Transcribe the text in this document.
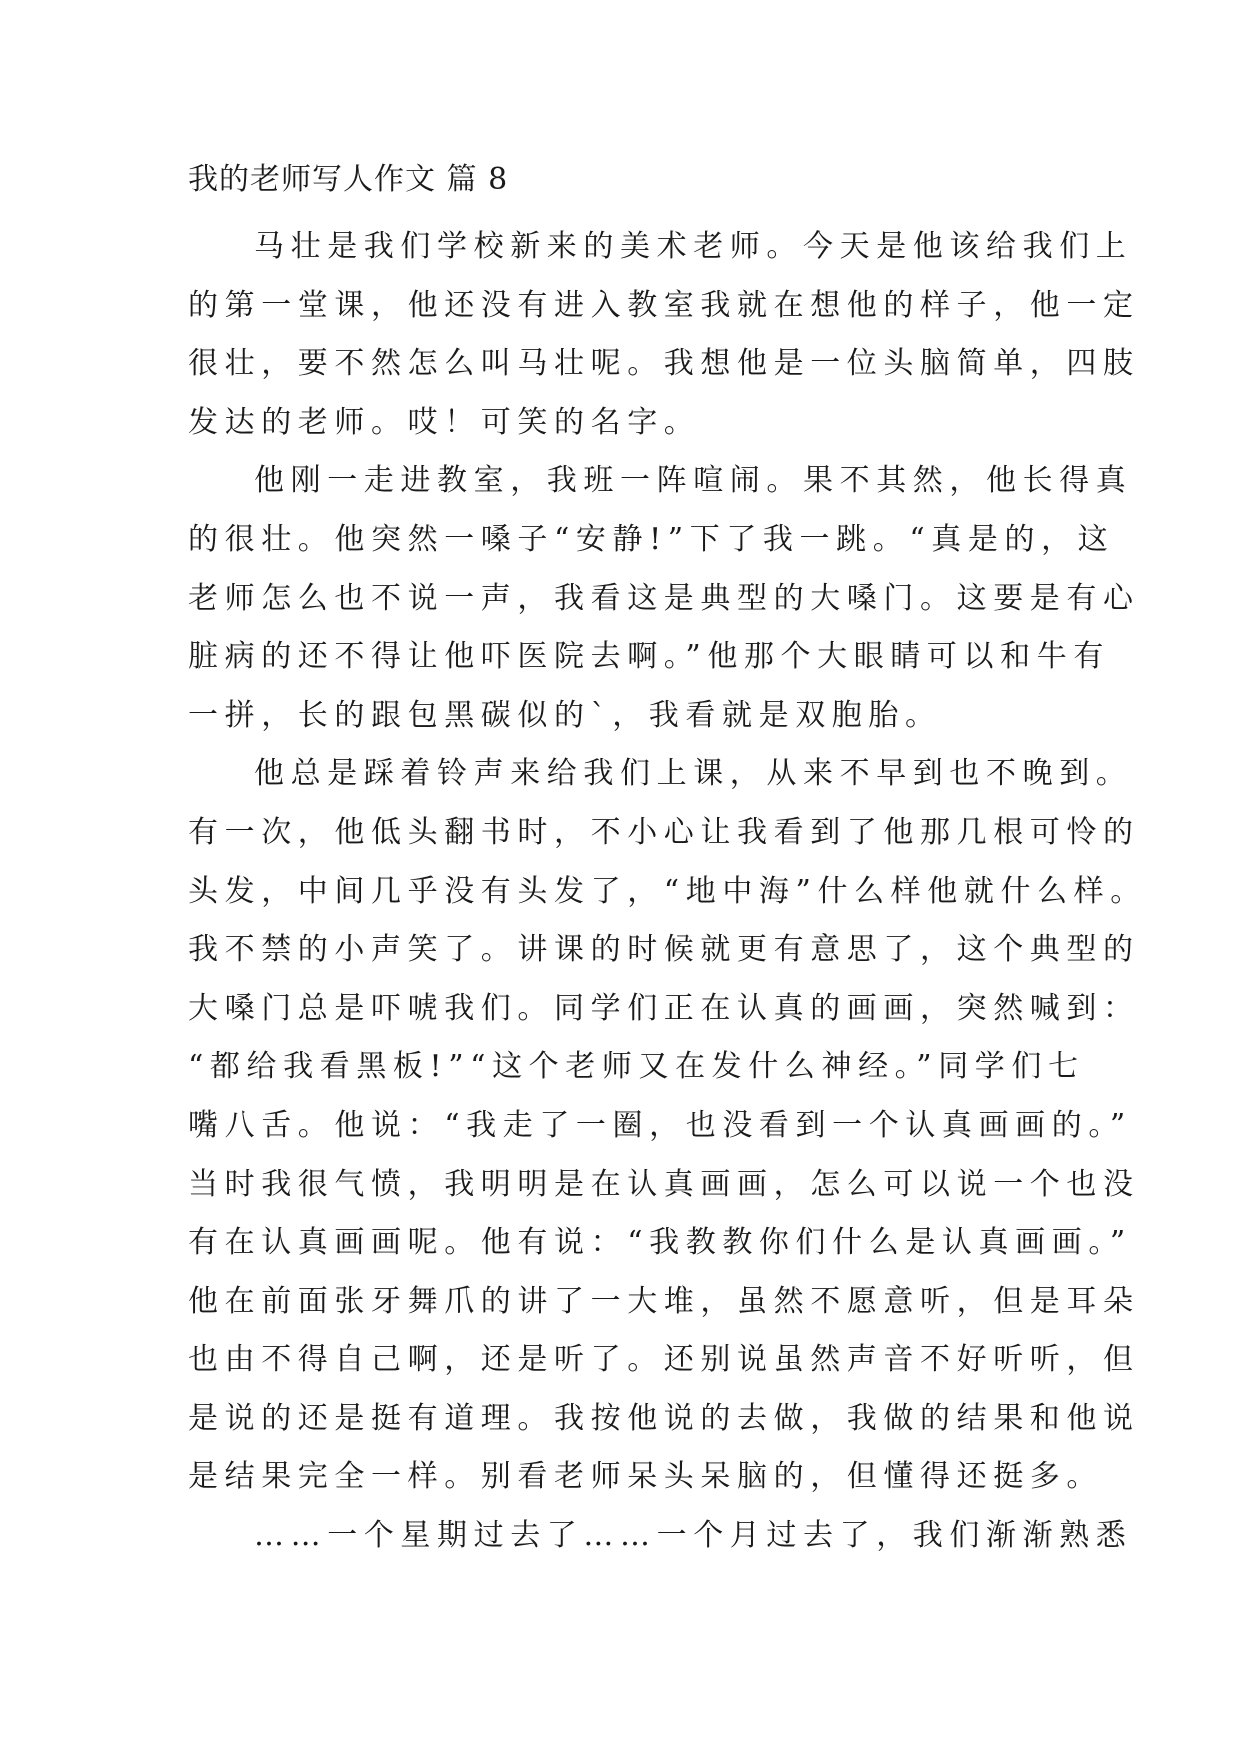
我的老师写人作文 篇 8
马壮是我们学校新来的美术老师。今天是他该给我们上
的第一堂课，他还没有进入教室我就在想他的样子，他一定
很壮，要不然怎么叫马壮呢。我想他是一位头脑简单，四肢
发达的老师。哎！可笑的名字。
他刚一走进教室，我班一阵喧闹。果不其然，他长得真
的很壮。他突然一嗓子“安静!”下了我一跳。“真是的，这
老师怎么也不说一声，我看这是典型的大嗓门。这要是有心
脏病的还不得让他吓医院去啊。”他那个大眼睛可以和牛有
一拼，长的跟包黑碳似的`，我看就是双胞胎。
他总是踩着铃声来给我们上课，从来不早到也不晚到。
有一次，他低头翻书时，不小心让我看到了他那几根可怜的
头发，中间几乎没有头发了，“地中海”什么样他就什么样。
我不禁的小声笑了。讲课的时候就更有意思了，这个典型的
大嗓门总是吓唬我们。同学们正在认真的画画，突然喊到：
“都给我看黑板!”“这个老师又在发什么神经。”同学们七
嘴八舌。他说：“我走了一圈，也没看到一个认真画画的。”
当时我很气愤，我明明是在认真画画，怎么可以说一个也没
有在认真画画呢。他有说：“我教教你们什么是认真画画。”
他在前面张牙舞爪的讲了一大堆，虽然不愿意听，但是耳朵
也由不得自己啊，还是听了。还别说虽然声音不好听听，但
是说的还是挺有道理。我按他说的去做，我做的结果和他说
是结果完全一样。别看老师呆头呆脑的，但懂得还挺多。
……一个星期过去了……一个月过去了，我们渐渐熟悉
